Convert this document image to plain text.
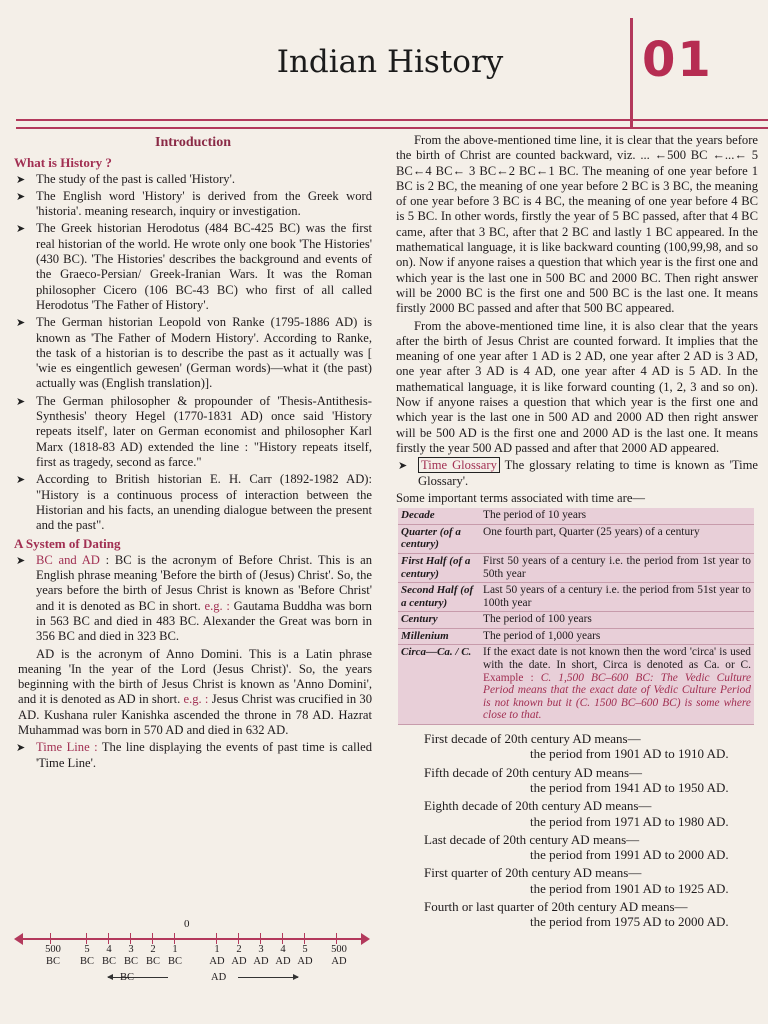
Indian History	01
Introduction
What is History ?
➤ The study of the past is called 'History'.
➤ The English word 'History' is derived from the Greek word 'historia'. meaning research, inquiry or investigation.
➤ The Greek historian Herodotus (484 BC-425 BC) was the first real historian of the world. He wrote only one book 'The Histories' (430 BC). 'The Histories' describes the background and events of the Graeco-Persian/ Greek-Iranian Wars. It was the Roman philosopher Cicero (106 BC-43 BC) who first of all called Herodotus 'The Father of History'.
➤ The German historian Leopold von Ranke (1795-1886 AD) is known as 'The Father of Modern History'. According to Ranke, the task of a historian is to describe the past as it actually was [ 'wie es eingentlich gewesen' (German words)—what it (the past) actually was (English translation)].
➤ The German philosopher & propounder of 'Thesis-Antithesis-Synthesis' theory Hegel (1770-1831 AD) once said 'History repeats itself', later on German economist and philosopher Karl Marx (1818-83 AD) extended the line : "History repeats itself, first as tragedy, second as farce."
➤ According to British historian E. H. Carr (1892-1982 AD): "History is a continuous process of interaction between the Historian and his facts, an unending dialogue between the present and the past".
A System of Dating
➤ BC and AD : BC is the acronym of Before Christ. This is an English phrase meaning 'Before the birth of (Jesus) Christ'. So, the years before the birth of Jesus Christ is known as 'Before Christ' and it is denoted as BC in short. e.g. : Gautama Buddha was born in 563 BC and died in 483 BC. Alexander the Great was born in 356 BC and died in 323 BC.
AD is the acronym of Anno Domini. This is a Latin phrase meaning 'In the year of the Lord (Jesus Christ)'. So, the years beginning with the birth of Jesus Christ is known as 'Anno Domini', and it is denoted as AD in short. e.g. : Jesus Christ was crucified in 30 AD. Kushana ruler Kanishka ascended the throne in 78 AD. Hazrat Muhammad was born in 570 AD and died in 632 AD.
➤ Time Line : The line displaying the events of past time is called 'Time Line'.
0
500
BC
5
BC
4
BC
3
BC
2
BC
1
BC
1
AD
2
AD
3
AD
4
AD
5
AD
500
AD
BC	AD
From the above-mentioned time line, it is clear that the years before the birth of Christ are counted backward, viz. ... ←500 BC ←...← 5 BC←4 BC← 3 BC←2 BC←1 BC. The meaning of one year before 1 BC is 2 BC, the meaning of one year before 2 BC is 3 BC, the meaning of one year before 3 BC is 4 BC, the meaning of one year before 4 BC is 5 BC. In other words, firstly the year of 5 BC passed, after that 4 BC came, after that 3 BC, after that 2 BC and lastly 1 BC appeared. In the mathematical language, it is like backward counting (100,99,98, and so on). Now if anyone raises a question that which year is the first one and which year is the last one in 500 BC and 2000 BC. Then right answer will be 2000 BC is the first one and 500 BC is the last one. It means firstly 2000 BC passed and after that 500 BC appeared.
From the above-mentioned time line, it is also clear that the years after the birth of Jesus Christ are counted forward. It implies that the meaning of one year after 1 AD is 2 AD, one year after 2 AD is 3 AD, one year after 3 AD is 4 AD, one year after 4 AD is 5 AD. In the mathematical language, it is like forward counting (1, 2, 3 and so on). Now if anyone raises a question that which year is the first one and which year is the last one in 500 AD and 2000 AD then right answer will be 500 AD is the first one and 2000 AD is the last one. It means firstly the year 500 AD passed and after that 2000 AD appeared.
➤ Time Glossary The glossary relating to time is known as 'Time Glossary'.
Some important terms associated with time are—
Decade	The period of 10 years
Quarter (of a century)	One fourth part, Quarter (25 years) of a century
First Half (of a century)	First 50 years of a century i.e. the period from 1st year to 50th year
Second Half (of a century)	Last 50 years of a century i.e. the period from 51st year to 100th year
Century	The period of 100 years
Millenium	The period of 1,000 years
Circa—Ca. / C.	If the exact date is not known then the word 'circa' is used with the date. In short, Circa is denoted as Ca. or C. Example : C. 1,500 BC–600 BC: The Vedic Culture Period means that the exact date of Vedic Culture Period is not known but it (C. 1500 BC–600 BC) is some where close to that.
First decade of 20th century AD means—
the period from 1901 AD to 1910 AD.
Fifth decade of 20th century AD means—
the period from 1941 AD to 1950 AD.
Eighth decade of 20th century AD means—
the period from 1971 AD to 1980 AD.
Last decade of 20th century AD means—
the period from 1991 AD to 2000 AD.
First quarter of 20th century AD means—
the period from 1901 AD to 1925 AD.
Fourth or last quarter of 20th century AD means—
the period from 1975 AD to 2000 AD.
